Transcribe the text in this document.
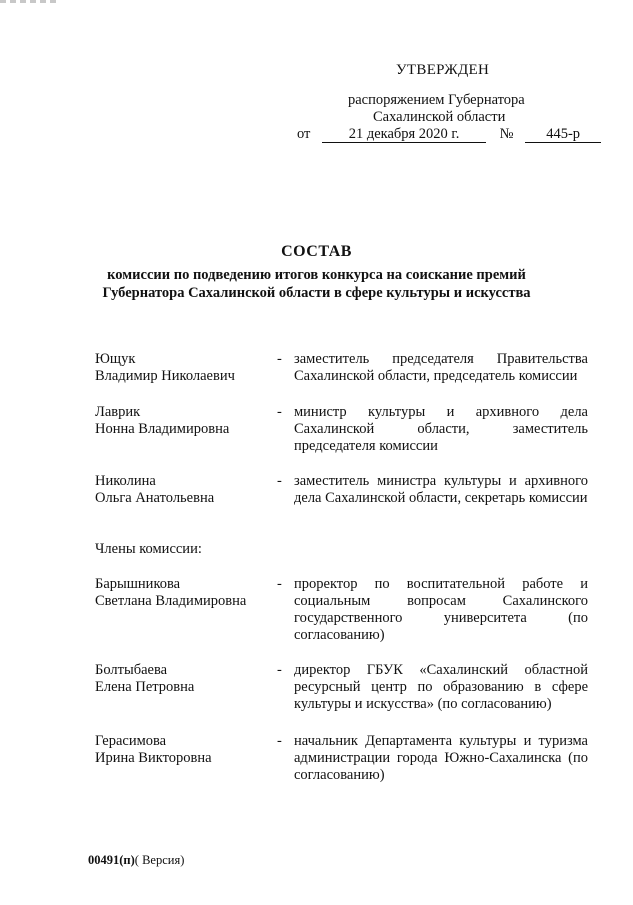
УТВЕРЖДЕН
распоряжением Губернатора
Сахалинской области
от	21 декабря 2020 г.	№ 445-р
СОСТАВ
комиссии по подведению итогов конкурса на соискание премий
Губернатора Сахалинской области в сфере культуры и искусства
Ющук
Владимир Николаевич
- заместитель председателя Правительства Сахалинской области, председатель комиссии
Лаврик
Нонна Владимировна
- министр культуры и архивного дела Сахалинской области, заместитель председателя комиссии
Николина
Ольга Анатольевна
- заместитель министра культуры и архивного дела Сахалинской области, секретарь комиссии
Члены комиссии:
Барышникова
Светлана Владимировна
- проректор по воспитательной работе и социальным вопросам Сахалинского государственного университета (по согласованию)
Болтыбаева
Елена Петровна
- директор ГБУК «Сахалинский областной ресурсный центр по образованию в сфере культуры и искусства» (по согласованию)
Герасимова
Ирина Викторовна
- начальник Департамента культуры и туризма администрации города Южно-Сахалинска (по согласованию)
00491(п)( Версия)
